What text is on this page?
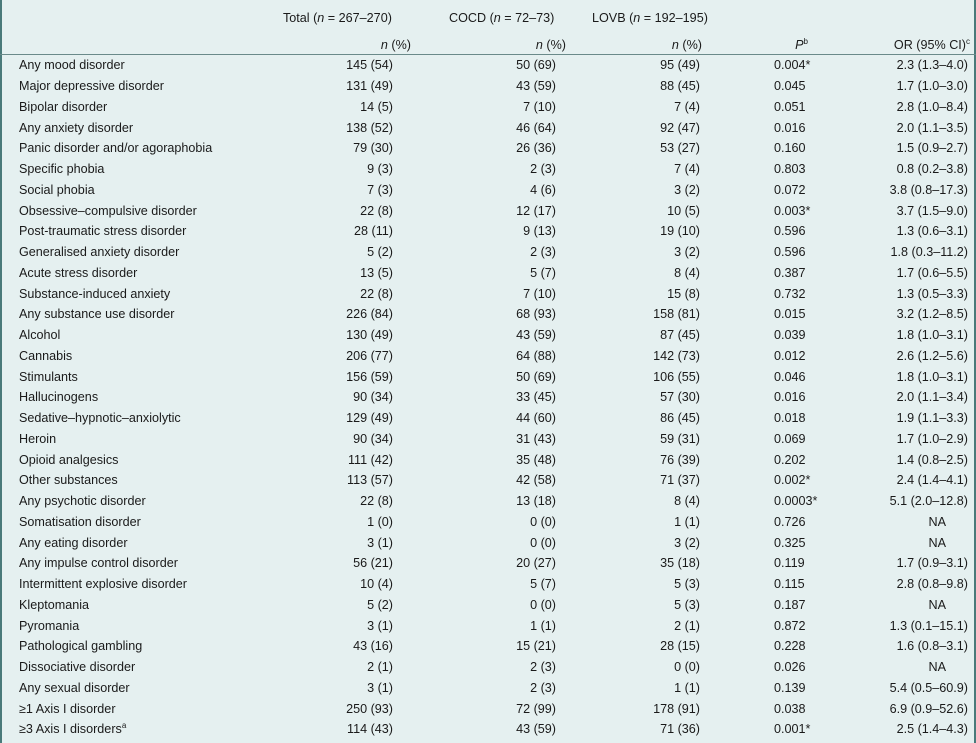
	Total (n = 267–270)	COCD (n = 72–73)	LOVB (n = 192–195)		
	n (%)	n (%)	n (%)	$P^b$	OR (95% CI)$^c$
Any mood disorder	145 (54)	50 (69)	95 (49)	0.004*	2.3 (1.3–4.0)
Major depressive disorder	131 (49)	43 (59)	88 (45)	0.045	1.7 (1.0–3.0)
Bipolar disorder	14 (5)	7 (10)	7 (4)	0.051	2.8 (1.0–8.4)
Any anxiety disorder	138 (52)	46 (64)	92 (47)	0.016	2.0 (1.1–3.5)
Panic disorder and/or agoraphobia	79 (30)	26 (36)	53 (27)	0.160	1.5 (0.9–2.7)
Specific phobia	9 (3)	2 (3)	7 (4)	0.803	0.8 (0.2–3.8)
Social phobia	7 (3)	4 (6)	3 (2)	0.072	3.8 (0.8–17.3)
Obsessive–compulsive disorder	22 (8)	12 (17)	10 (5)	0.003*	3.7 (1.5–9.0)
Post-traumatic stress disorder	28 (11)	9 (13)	19 (10)	0.596	1.3 (0.6–3.1)
Generalised anxiety disorder	5 (2)	2 (3)	3 (2)	0.596	1.8 (0.3–11.2)
Acute stress disorder	13 (5)	5 (7)	8 (4)	0.387	1.7 (0.6–5.5)
Substance-induced anxiety	22 (8)	7 (10)	15 (8)	0.732	1.3 (0.5–3.3)
Any substance use disorder	226 (84)	68 (93)	158 (81)	0.015	3.2 (1.2–8.5)
Alcohol	130 (49)	43 (59)	87 (45)	0.039	1.8 (1.0–3.1)
Cannabis	206 (77)	64 (88)	142 (73)	0.012	2.6 (1.2–5.6)
Stimulants	156 (59)	50 (69)	106 (55)	0.046	1.8 (1.0–3.1)
Hallucinogens	90 (34)	33 (45)	57 (30)	0.016	2.0 (1.1–3.4)
Sedative–hypnotic–anxiolytic	129 (49)	44 (60)	86 (45)	0.018	1.9 (1.1–3.3)
Heroin	90 (34)	31 (43)	59 (31)	0.069	1.7 (1.0–2.9)
Opioid analgesics	111 (42)	35 (48)	76 (39)	0.202	1.4 (0.8–2.5)
Other substances	113 (57)	42 (58)	71 (37)	0.002*	2.4 (1.4–4.1)
Any psychotic disorder	22 (8)	13 (18)	8 (4)	0.0003*	5.1 (2.0–12.8)
Somatisation disorder	1 (0)	0 (0)	1 (1)	0.726	NA
Any eating disorder	3 (1)	0 (0)	3 (2)	0.325	NA
Any impulse control disorder	56 (21)	20 (27)	35 (18)	0.119	1.7 (0.9–3.1)
Intermittent explosive disorder	10 (4)	5 (7)	5 (3)	0.115	2.8 (0.8–9.8)
Kleptomania	5 (2)	0 (0)	5 (3)	0.187	NA
Pyromania	3 (1)	1 (1)	2 (1)	0.872	1.3 (0.1–15.1)
Pathological gambling	43 (16)	15 (21)	28 (15)	0.228	1.6 (0.8–3.1)
Dissociative disorder	2 (1)	2 (3)	0 (0)	0.026	NA
Any sexual disorder	3 (1)	2 (3)	1 (1)	0.139	5.4 (0.5–60.9)
≥1 Axis I disorder	250 (93)	72 (99)	178 (91)	0.038	6.9 (0.9–52.6)
≥3 Axis I disorders$^a$	114 (43)	43 (59)	71 (36)	0.001*	2.5 (1.4–4.3)
